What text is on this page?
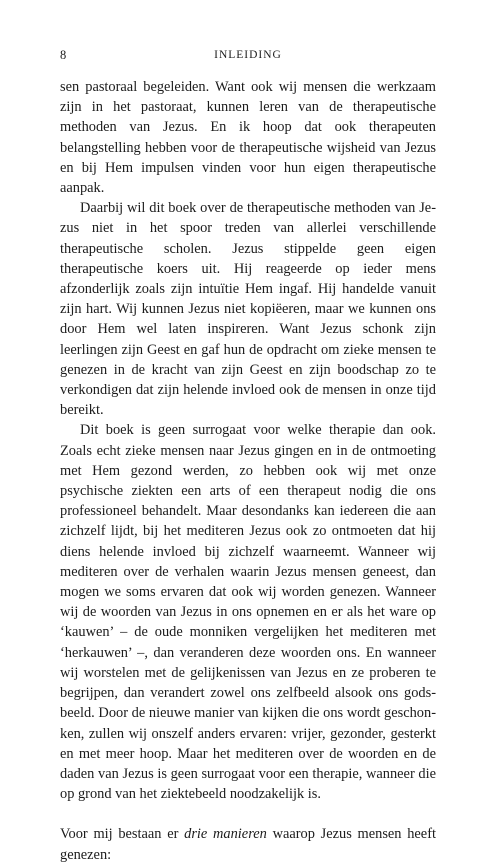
8	INLEIDING

sen pastoraal begeleiden. Want ook wij mensen die werkzaam zijn in het pastoraat, kunnen leren van de therapeutische methoden van Jezus. En ik hoop dat ook therapeuten belangstelling hebben voor de therapeutische wijsheid van Jezus en bij Hem impulsen vinden voor hun eigen therapeutische aanpak.

Daarbij wil dit boek over de therapeutische methoden van Jezus niet in het spoor treden van allerlei verschillende therapeutische scholen. Jezus stippelde geen eigen therapeutische koers uit. Hij reageerde op ieder mens afzonderlijk zoals zijn intuïtie Hem ingaf. Hij handelde vanuit zijn hart. Wij kunnen Jezus niet kopiëeren, maar we kunnen ons door Hem wel laten inspireren. Want Jezus schonk zijn leerlingen zijn Geest en gaf hun de opdracht om zieke mensen te genezen in de kracht van zijn Geest en zijn boodschap zo te verkondigen dat zijn helende invloed ook de mensen in onze tijd bereikt.

Dit boek is geen surrogaat voor welke therapie dan ook. Zoals echt zieke mensen naar Jezus gingen en in de ontmoeting met Hem gezond werden, zo hebben ook wij met onze psychische ziekten een arts of een therapeut nodig die ons professioneel behandelt. Maar desondanks kan iedereen die aan zichzelf lijdt, bij het mediteren Jezus ook zo ontmoeten dat hij diens helende invloed bij zichzelf waarneemt. Wanneer wij mediteren over de verhalen waarin Jezus mensen geneest, dan mogen we soms ervaren dat ook wij worden genezen. Wanneer wij de woorden van Jezus in ons opnemen en er als het ware op ‘kauwen’ – de oude monniken vergelijken het mediteren met ‘herkauwen’ –, dan veranderen deze woorden ons. En wanneer wij worstelen met de gelijkenissen van Jezus en ze proberen te begrijpen, dan verandert zowel ons zelfbeeld alsook ons godsbeeld. Door de nieuwe manier van kijken die ons wordt geschonken, zullen wij onszelf anders ervaren: vrijer, gezonder, gesterkt en met meer hoop. Maar het mediteren over de woorden en de daden van Jezus is geen surrogaat voor een therapie, wanneer die op grond van het ziektebeeld noodzakelijk is.

Voor mij bestaan er drie manieren waarop Jezus mensen heeft genezen:
